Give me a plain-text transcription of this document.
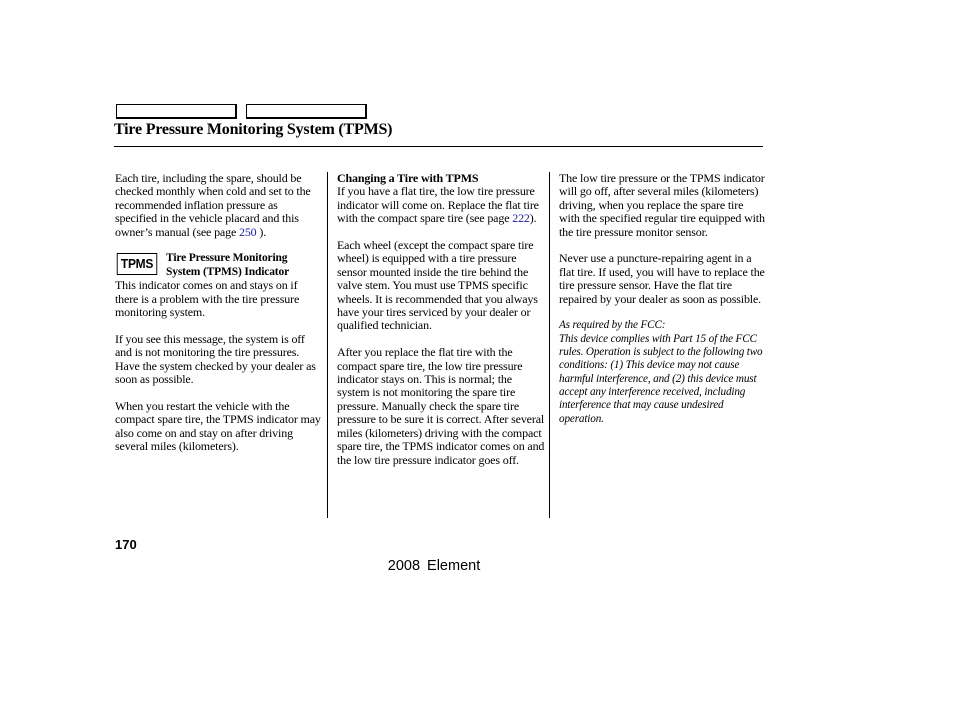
Tire Pressure Monitoring System (TPMS)

Each tire, including the spare, should be checked monthly when cold and set to the recommended inflation pressure as specified in the vehicle placard and this owner’s manual (see page 250 ).

TPMS	Tire Pressure Monitoring System (TPMS) Indicator

This indicator comes on and stays on if there is a problem with the tire pressure monitoring system.

If you see this message, the system is off and is not monitoring the tire pressures. Have the system checked by your dealer as soon as possible.

When you restart the vehicle with the compact spare tire, the TPMS indicator may also come on and stay on after driving several miles (kilometers).

Changing a Tire with TPMS

If you have a flat tire, the low tire pressure indicator will come on. Replace the flat tire with the compact spare tire (see page 222).

Each wheel (except the compact spare tire wheel) is equipped with a tire pressure sensor mounted inside the tire behind the valve stem. You must use TPMS specific wheels. It is recommended that you always have your tires serviced by your dealer or qualified technician.

After you replace the flat tire with the compact spare tire, the low tire pressure indicator stays on. This is normal; the system is not monitoring the spare tire pressure. Manually check the spare tire pressure to be sure it is correct. After several miles (kilometers) driving with the compact spare tire, the TPMS indicator comes on and the low tire pressure indicator goes off.

The low tire pressure or the TPMS indicator will go off, after several miles (kilometers) driving, when you replace the spare tire with the specified regular tire equipped with the tire pressure monitor sensor.

Never use a puncture-repairing agent in a flat tire. If used, you will have to replace the tire pressure sensor. Have the flat tire repaired by your dealer as soon as possible.

As required by the FCC:

This device complies with Part 15 of the FCC rules. Operation is subject to the following two conditions: (1) This device may not cause harmful interference, and (2) this device must accept any interference received, including interference that may cause undesired operation.

170
2008 Element
